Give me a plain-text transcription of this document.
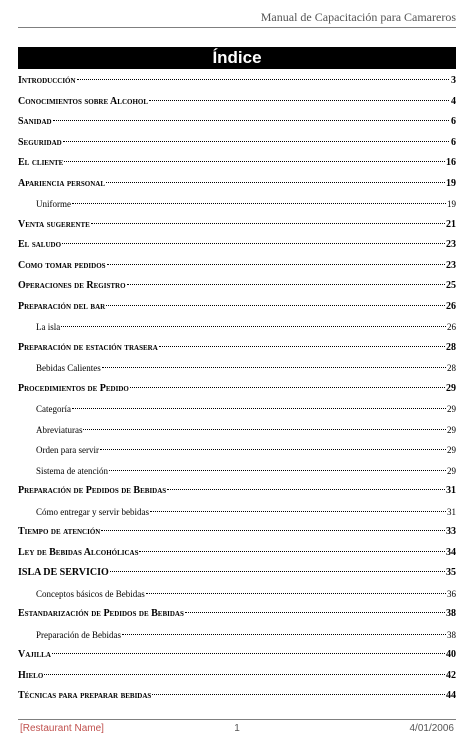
Manual de Capacitación para Camareros
Índice
Introducción	3
Conocimientos sobre Alcohol	4
Sanidad	6
Seguridad	6
El cliente	16
Apariencia personal	19
Uniforme	19
Venta sugerente	21
El saludo	23
Como tomar pedidos	23
Operaciones de Registro	25
Preparación del bar	26
La isla	26
Preparación de estación trasera	28
Bebidas Calientes	28
Procedimientos de Pedido	29
Categoría	29
Abreviaturas	29
Orden para servir	29
Sistema de atención	29
Preparación de Pedidos de Bebidas	31
Cómo entregar y servir bebidas	31
Tiempo de atención	33
Ley de Bebidas Alcohólicas	34
ISLA DE SERVICIO	35
Conceptos básicos de Bebidas	36
Estandarización de Pedidos de Bebidas	38
Preparación de Bebidas	38
Vajilla	40
Hielo	42
Técnicas para preparar bebidas	44
[Restaurant Name]	1	4/01/2006
